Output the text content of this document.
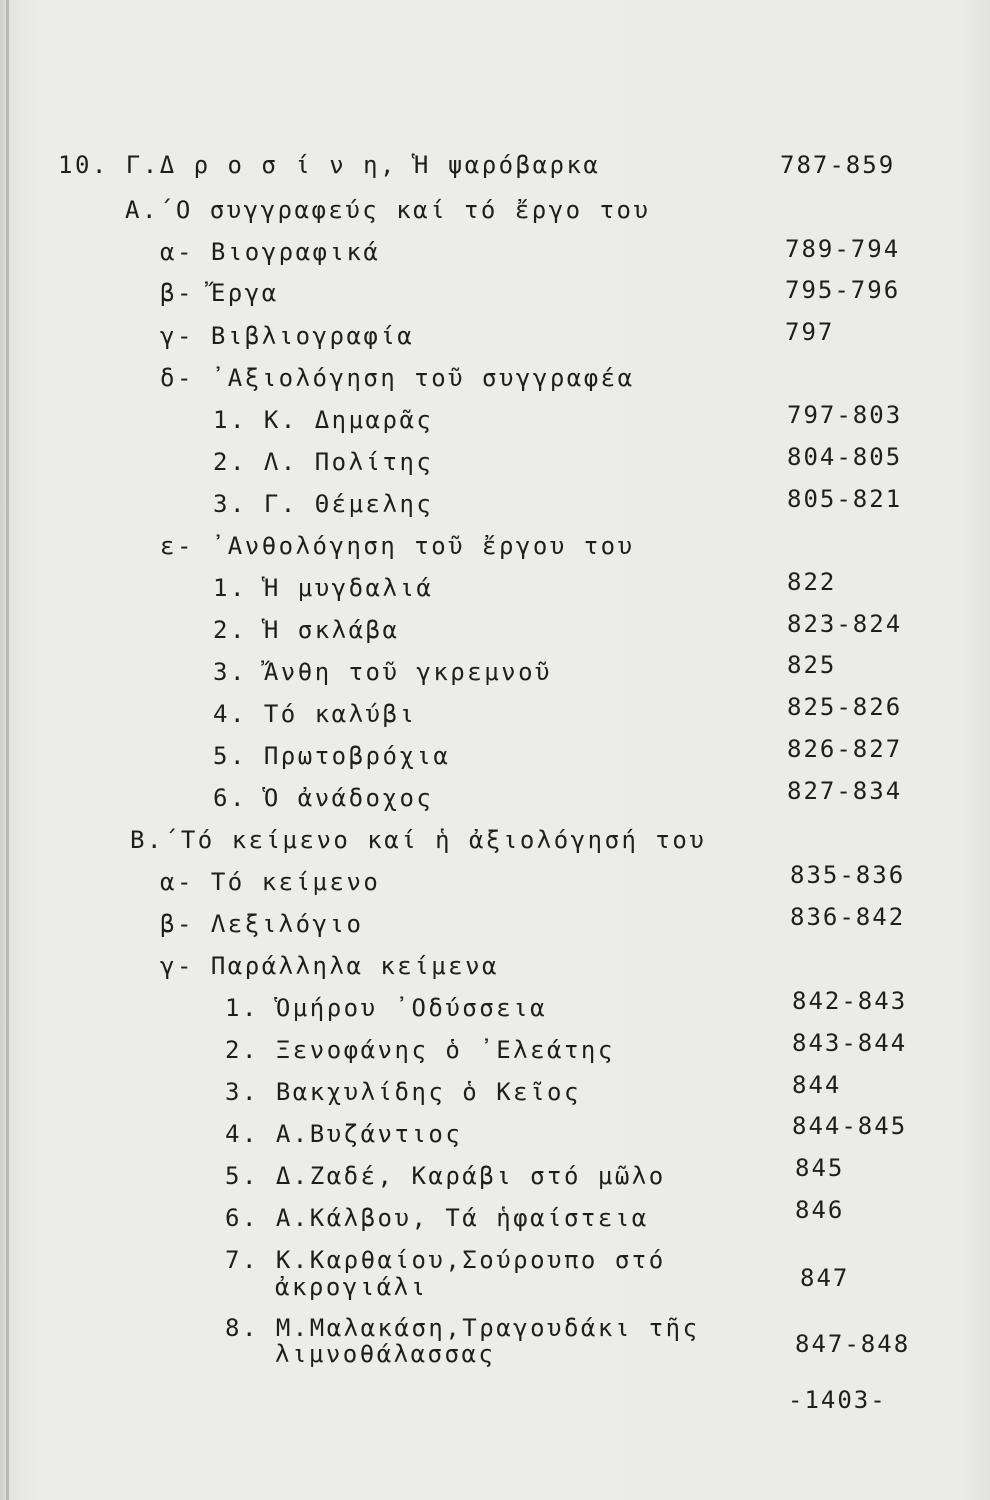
10. Γ.Δ ρ ο σ ί ν η, Ἡ ψαρόβαρκα	787-859
Α.΄Ο συγγραφεύς καί τό ἔργο του
α- Βιογραφικά	789-794
β- Ἔργα	795-796
γ- Βιβλιογραφία	797
δ- ᾽Αξιολόγηση τοῦ συγγραφέα
1. Κ. Δημαρᾶς	797-803
2. Λ. Πολίτης	804-805
3. Γ. Θέμελης	805-821
ε- ᾽Ανθολόγηση τοῦ ἔργου του
1. Ἡ μυγδαλιά	822
2. Ἡ σκλάβα	823-824
3. Ἄνθη τοῦ γκρεμνοῦ	825
4. Τό καλύβι	825-826
5. Πρωτοβρόχια	826-827
6. Ὁ ἀνάδοχος	827-834
Β.΄Τό κείμενο καί ἡ ἀξιολόγησή του
α- Τό κείμενο	835-836
β- Λεξιλόγιο	836-842
γ- Παράλληλα κείμενα
1. Ὁμήρου ᾽Οδύσσεια	842-843
2. Ξενοφάνης ὁ ᾽Ελεάτης	843-844
3. Βακχυλίδης ὁ Κεῖος	844
4. Α.Βυζάντιος	844-845
5. Δ.Ζαδέ, Καράβι στό μῶλο	845
6. Α.Κάλβου, Τά ἡφαίστεια	846
7. Κ.Καρθαίου,Σούρουπο στό
ἀκρογιάλι	847
8. Μ.Μαλακάση,Τραγουδάκι τῆς
λιμνοθάλασσας	847-848
-1403-
